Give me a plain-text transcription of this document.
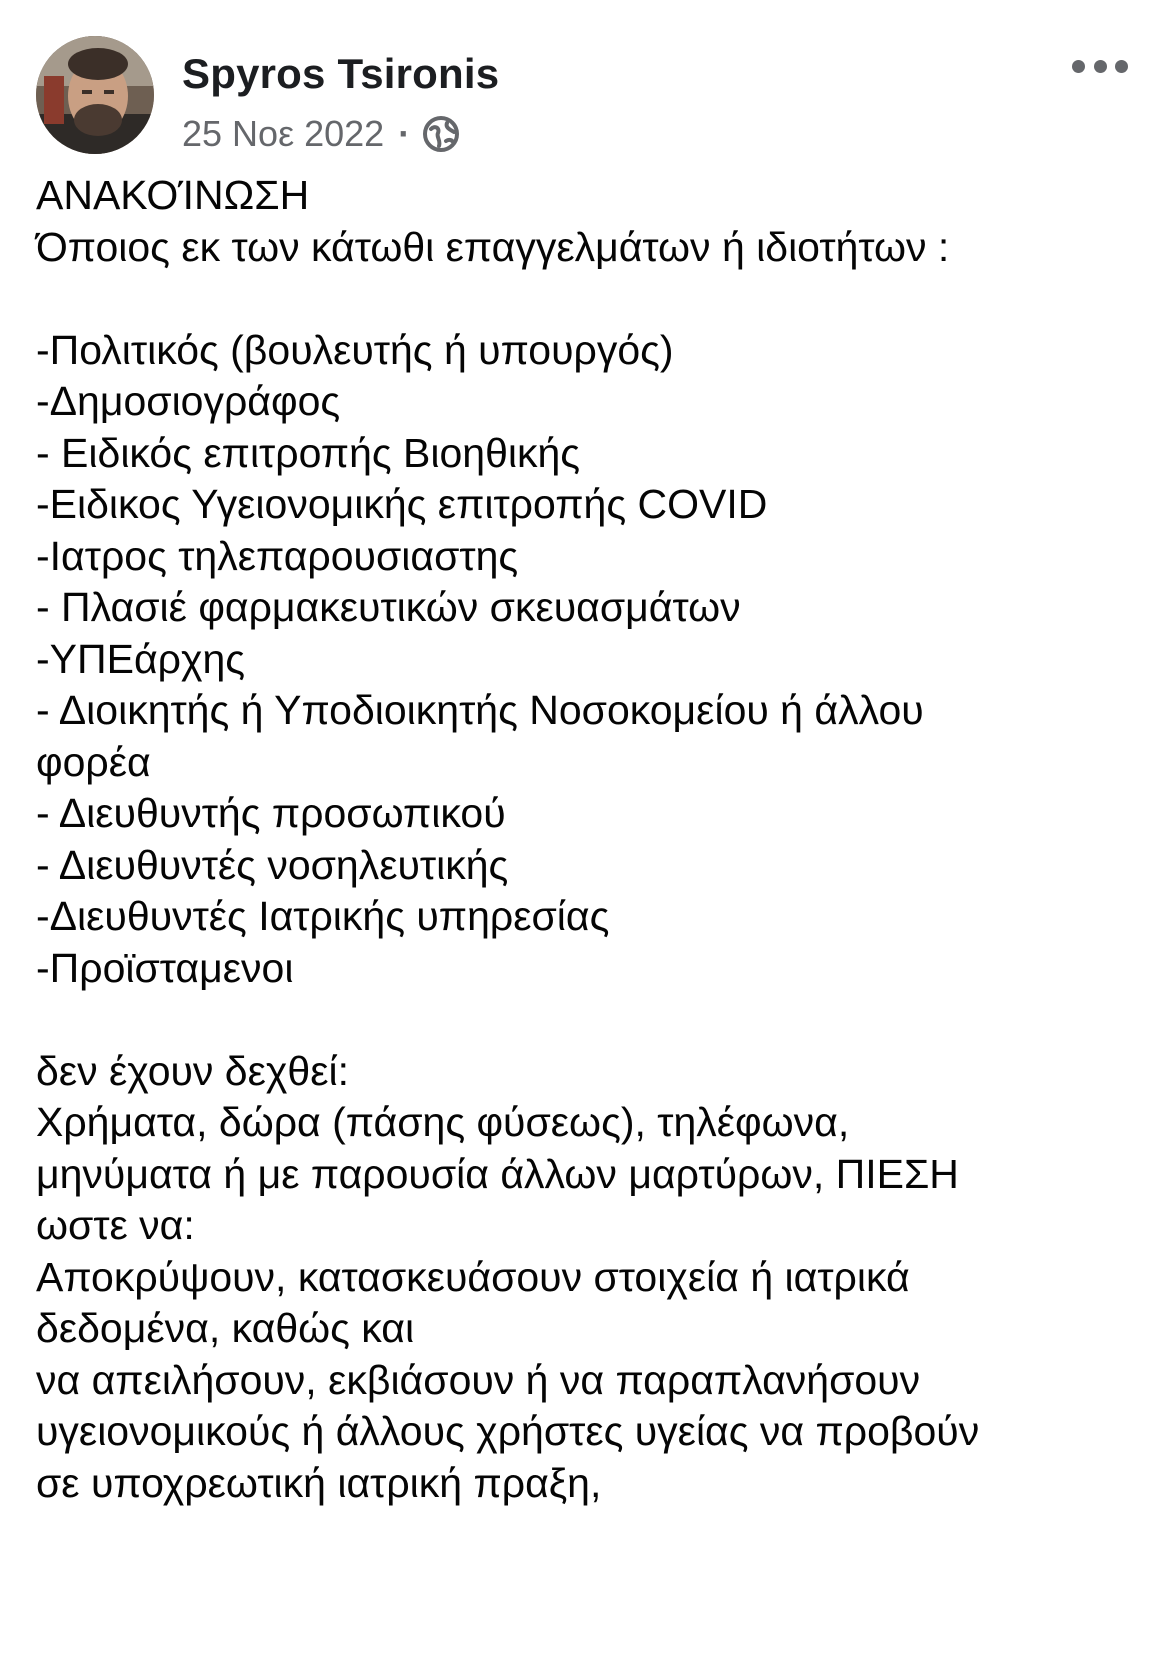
Spyros Tsironis
25 Νοε 2022 ·
ΑΝΑΚΟΊΝΩΣΗ
Όποιος εκ των κάτωθι επαγγελμάτων ή ιδιοτήτων :
-Πολιτικός (βουλευτής ή υπουργός)
-Δημοσιογράφος
- Ειδικός επιτροπής Βιοηθικής
-Ειδικος Υγειονομικής επιτροπής COVID
-Ιατρος τηλεπαρουσιαστης
- Πλασιέ φαρμακευτικών σκευασμάτων
-ΥΠΕάρχης
- Διοικητής ή Υποδιοικητής Νοσοκομείου ή άλλου
φορέα
- Διευθυντής προσωπικού
- Διευθυντές νοσηλευτικής
-Διευθυντές Ιατρικής υπηρεσίας
-Προϊσταμενοι
δεν έχουν δεχθεί:
Χρήματα, δώρα (πάσης φύσεως), τηλέφωνα,
μηνύματα ή με παρουσία άλλων μαρτύρων, ΠΙΕΣΗ
ωστε να:
Αποκρύψουν, κατασκευάσουν στοιχεία ή ιατρικά
δεδομένα, καθώς και
να απειλήσουν, εκβιάσουν ή να παραπλανήσουν
υγειονομικούς ή άλλους χρήστες υγείας να προβούν
σε υποχρεωτική ιατρική πραξη,
